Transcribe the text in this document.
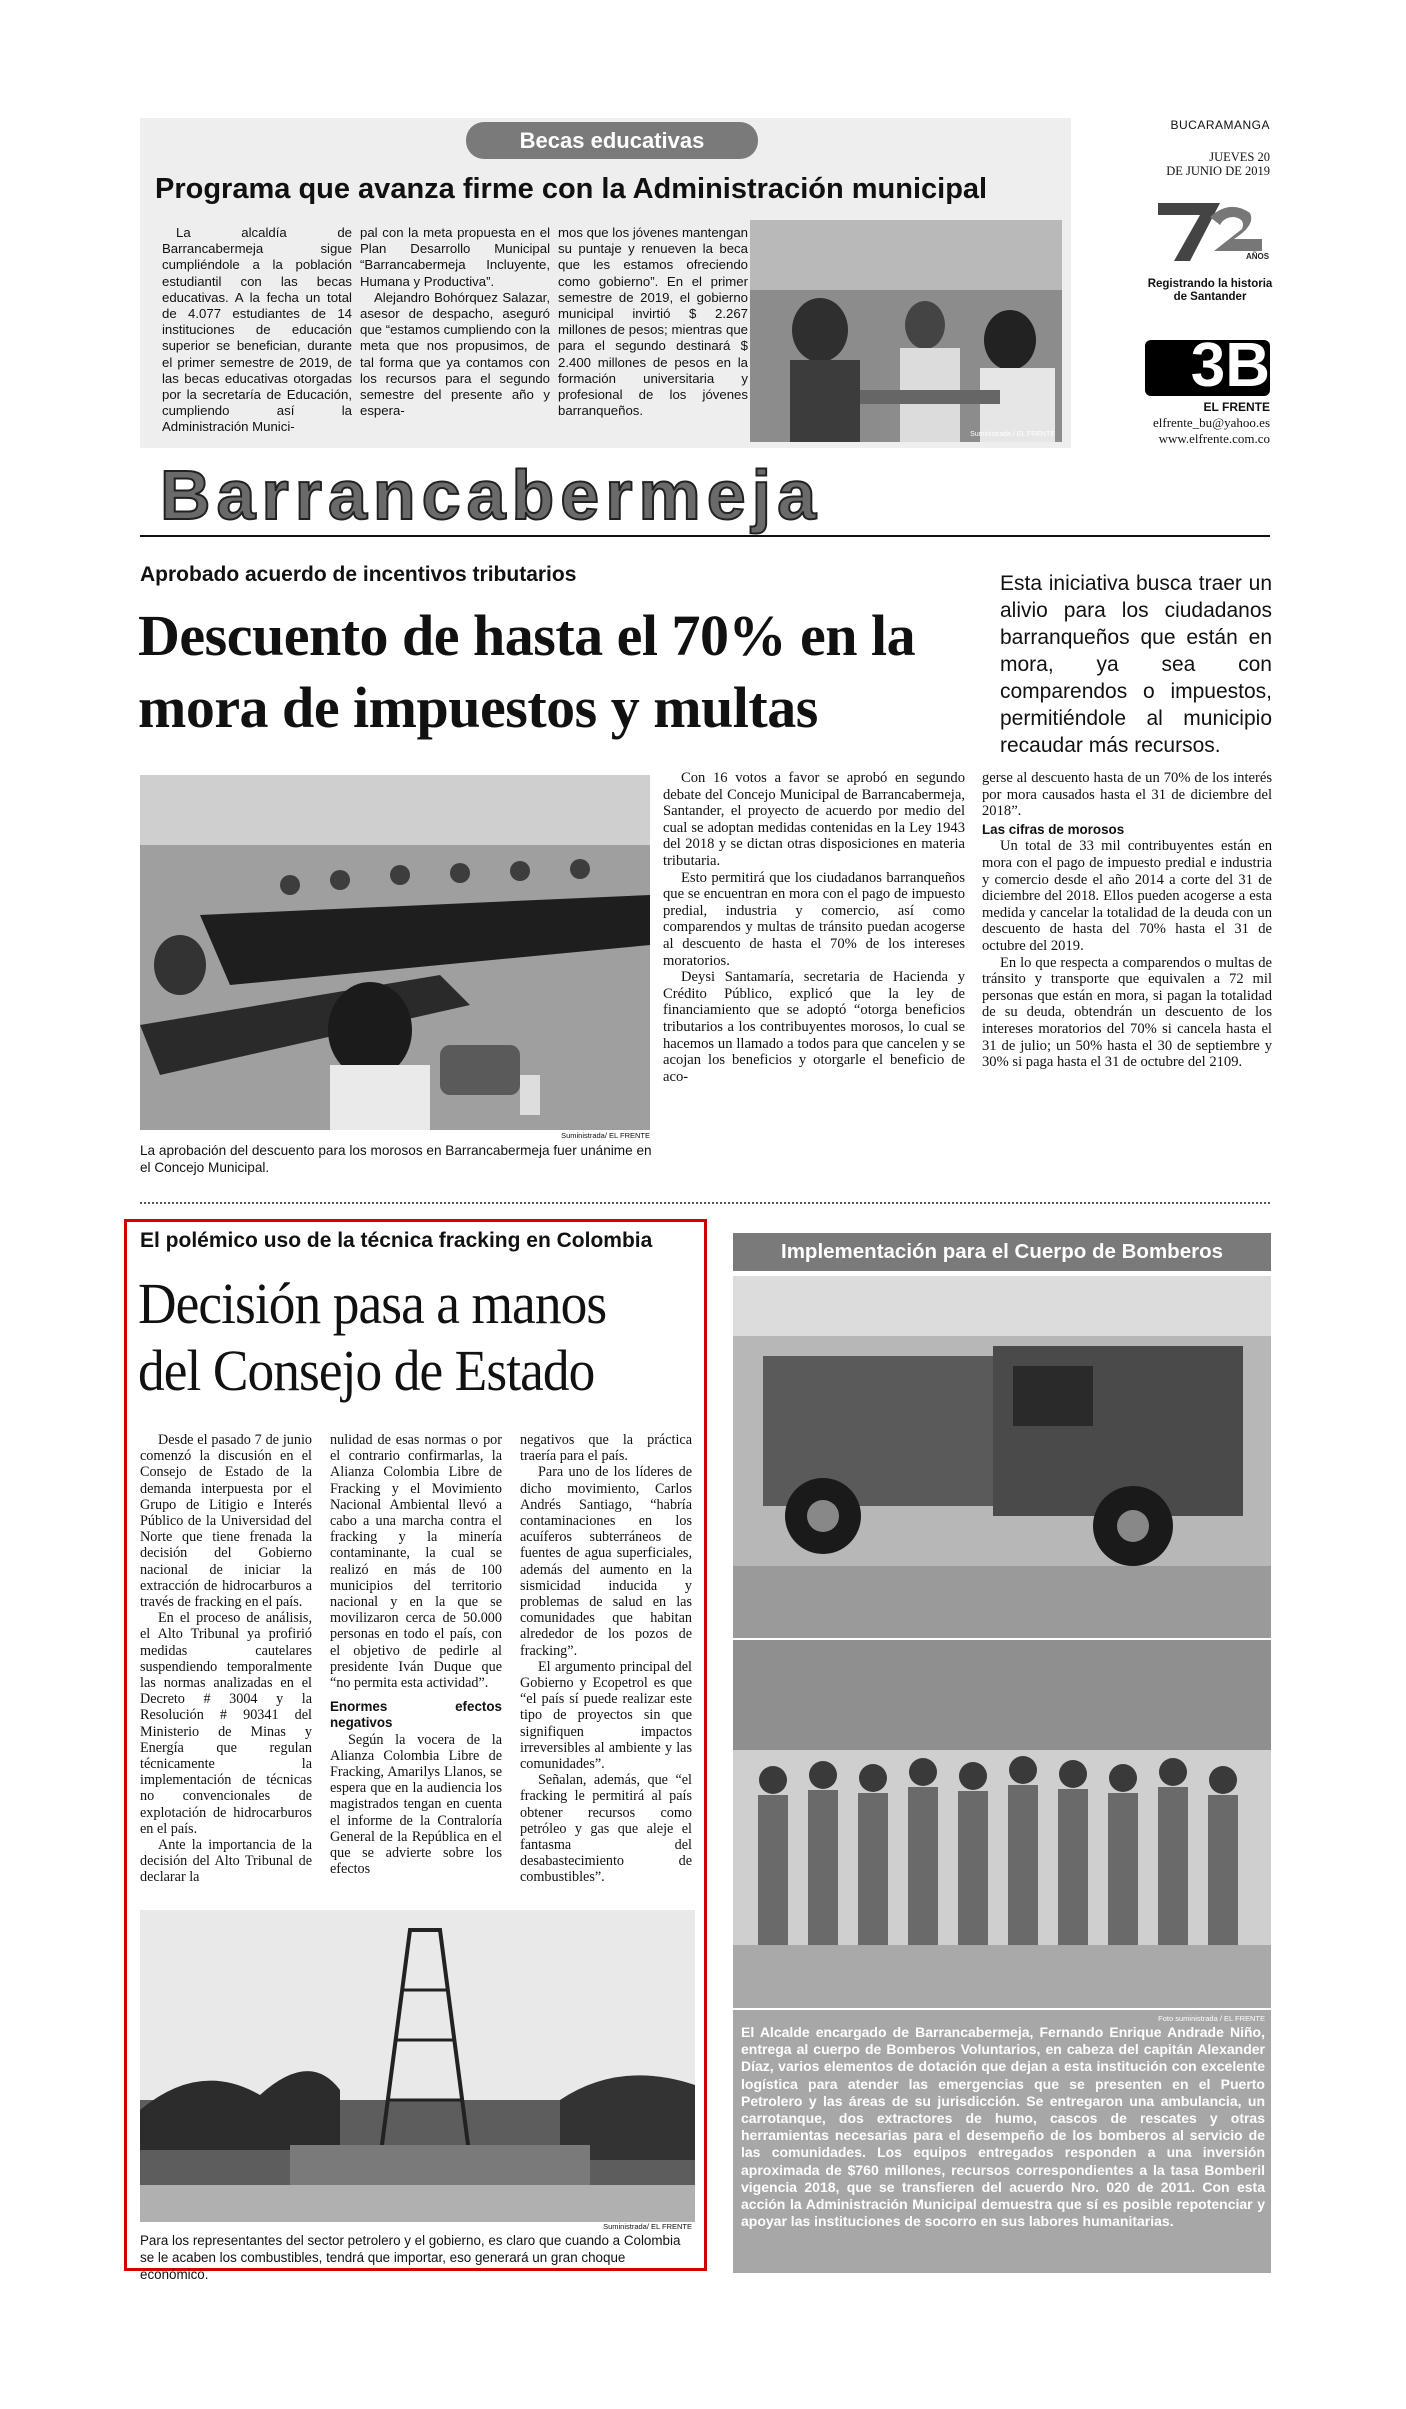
Becas educativas
Programa que avanza firme con la Administración municipal

La alcaldía de Barrancabermeja sigue cumpliéndole a la población estudiantil con las becas educativas. A la fecha un total de 4.077 estudiantes de 14 instituciones de educación superior se benefician, durante el primer semestre de 2019, de las becas educativas otorgadas por la secretaría de Educación, cumpliendo así la Administración Munici-

pal con la meta propuesta en el Plan Desarrollo Municipal “Barrancabermeja Incluyente, Humana y Productiva”.

Alejandro Bohórquez Salazar, asesor de despacho, aseguró que “estamos cumpliendo con la meta que nos propusimos, de tal forma que ya contamos con los recursos para el segundo semestre del presente año y espera-

mos que los jóvenes mantengan su puntaje y renueven la beca que les estamos ofreciendo como gobierno”. En el primer semestre de 2019, el gobierno municipal invirtió $ 2.267 millones de pesos; mientras que para el segundo destinará $ 2.400 millones de pesos en la formación universitaria y profesional de los jóvenes barranqueños.

Suministrada / EL FRENTE
BUCARAMANGA
JUEVES 20
DE JUNIO DE 2019
AÑOS
Registrando la historia
de Santander
3B
EL FRENTE
elfrente_bu@yahoo.es
www.elfrente.com.co
Barrancabermeja
Aprobado acuerdo de incentivos tributarios
Descuento de hasta el 70% en la mora de impuestos y multas
Esta iniciativa busca traer un alivio para los ciudadanos barranqueños que están en mora, ya sea con comparendos o impuestos, permitiéndole al municipio recaudar más recursos.
Suministrada/ EL FRENTE
La aprobación del descuento para los morosos en Barrancabermeja fuer unánime en el Concejo Municipal.

Con 16 votos a favor se aprobó en segundo debate del Concejo Municipal de Barrancabermeja, Santander, el proyecto de acuerdo por medio del cual se adoptan medidas contenidas en la Ley 1943 del 2018 y se dictan otras disposiciones en materia tributaria.

Esto permitirá que los ciudadanos barranqueños que se encuentran en mora con el pago de impuesto predial, industria y comercio, así como comparendos y multas de tránsito puedan acogerse al descuento de hasta el 70% de los intereses moratorios.

Deysi Santamaría, secretaria de Hacienda y Crédito Público, explicó que la ley de financiamiento que se adoptó “otorga beneficios tributarios a los contribuyentes morosos, lo cual se hacemos un llamado a todos para que cancelen y se acojan los beneficios y otorgarle el beneficio de aco-

gerse al descuento hasta de un 70% de los interés por mora causados hasta el 31 de diciembre del 2018”.

Las cifras de morosos

Un total de 33 mil contribuyentes están en mora con el pago de impuesto predial e industria y comercio desde el año 2014 a corte del 31 de diciembre del 2018. Ellos pueden acogerse a esta medida y cancelar la totalidad de la deuda con un descuento de hasta del 70% hasta el 31 de octubre del 2019.

En lo que respecta a comparendos o multas de tránsito y transporte que equivalen a 72 mil personas que están en mora, si pagan la totalidad de su deuda, obtendrán un descuento de los intereses moratorios del 70% si cancela hasta el 31 de julio; un 50% hasta el 30 de septiembre y 30% si paga hasta el 31 de octubre del 2109.

El polémico uso de la técnica fracking en Colombia
Decisión pasa a manos
del Consejo de Estado

Desde el pasado 7 de junio comenzó la discusión en el Consejo de Estado de la demanda interpuesta por el Grupo de Litigio e Interés Público de la Universidad del Norte que tiene frenada la decisión del Gobierno nacional de iniciar la extracción de hidrocarburos a través de fracking en el país.

En el proceso de análisis, el Alto Tribunal ya profirió medidas cautelares suspendiendo temporalmente las normas analizadas en el Decreto # 3004 y la Resolución # 90341 del Ministerio de Minas y Energía que regulan técnicamente la implementación de técnicas no convencionales de explotación de hidrocarburos en el país.

Ante la importancia de la decisión del Alto Tribunal de declarar la

nulidad de esas normas o por el contrario confirmarlas, la Alianza Colombia Libre de Fracking y el Movimiento Nacional Ambiental llevó a cabo a una marcha contra el fracking y la minería contaminante, la cual se realizó en más de 100 municipios del territorio nacional y en la que se movilizaron cerca de 50.000 personas en todo el país, con el objetivo de pedirle al presidente Iván Duque que “no permita esta actividad”.

Enormes efectos negativos

Según la vocera de la Alianza Colombia Libre de Fracking, Amarilys Llanos, se espera que en la audiencia los magistrados tengan en cuenta el informe de la Contraloría General de la República en el que se advierte sobre los efectos

negativos que la práctica traería para el país.

Para uno de los líderes de dicho movimiento, Carlos Andrés Santiago, “habría contaminaciones en los acuíferos subterráneos de fuentes de agua superficiales, además del aumento en la sismicidad inducida y problemas de salud en las comunidades que habitan alrededor de los pozos de fracking”.

El argumento principal del Gobierno y Ecopetrol es que “el país sí puede realizar este tipo de proyectos sin que signifiquen impactos irreversibles al ambiente y las comunidades”.

Señalan, además, que “el fracking le permitirá al país obtener recursos como petróleo y gas que aleje el fantasma del desabastecimiento de combustibles”.

Suministrada/ EL FRENTE
Para los representantes del sector petrolero y el gobierno, es claro que cuando a Colombia se le acaben los combustibles, tendrá que importar, eso generará un gran choque económico.
Implementación para el Cuerpo de Bomberos
Foto suministrada / EL FRENTE
El Alcalde encargado de Barrancabermeja, Fernando Enrique Andrade Niño, entrega al cuerpo de Bomberos Voluntarios, en cabeza del capitán Alexander Díaz, varios elementos de dotación que dejan a esta institución con excelente logística para atender las emergencias que se presenten en el Puerto Petrolero y las áreas de su jurisdicción. Se entregaron una ambulancia, un carrotanque, dos extractores de humo, cascos de rescates y otras herramientas necesarias para el desempeño de los bomberos al servicio de las comunidades. Los equipos entregados responden a una inversión aproximada de $760 millones, recursos correspondientes a la tasa Bomberil vigencia 2018, que se transfieren del acuerdo Nro. 020 de 2011. Con esta acción la Administración Municipal demuestra que sí es posible repotenciar y apoyar las instituciones de socorro en sus labores humanitarias.
